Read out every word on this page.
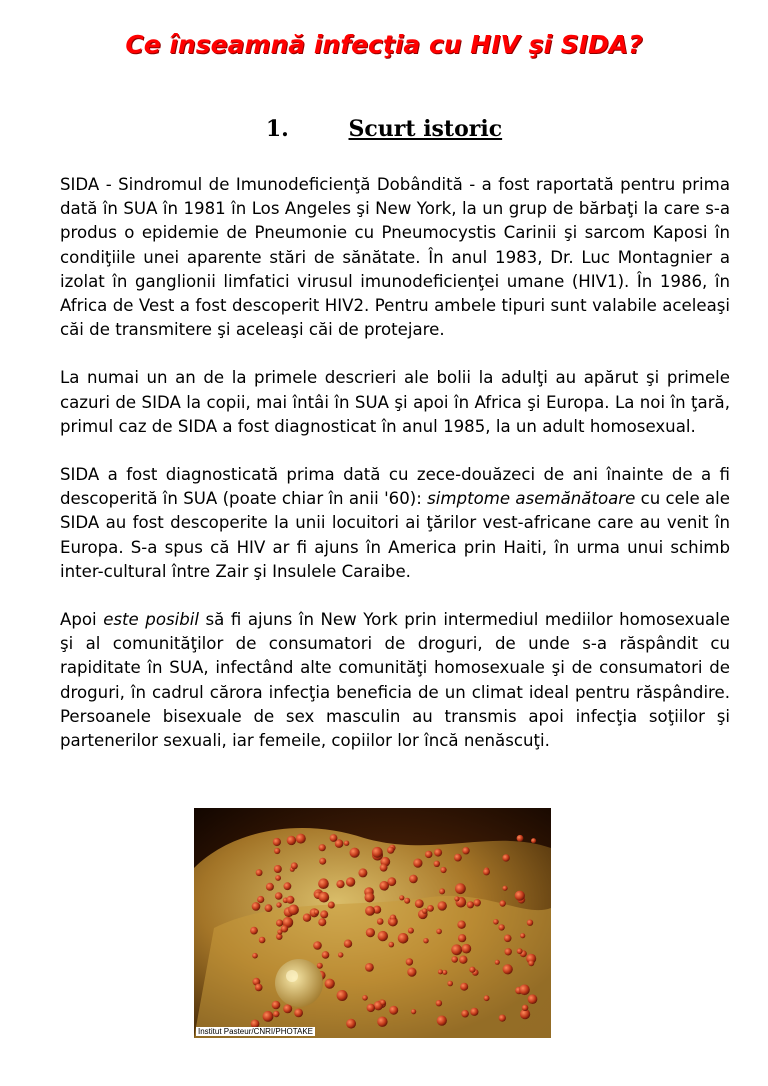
Ce înseamnă infecţia cu HIV şi SIDA?
1.	Scurt istoric

SIDA - Sindromul de Imunodeficienţă Dobândită - a fost raportată pentru prima dată în SUA în 1981 în Los Angeles şi New York, la un grup de bărbaţi la care s-a produs o epidemie de Pneumonie cu Pneumocystis Carinii şi sarcom Kaposi în condiţiile unei aparente stări de sănătate. În anul 1983, Dr. Luc Montagnier a izolat în ganglionii limfatici virusul imunodeficienţei umane (HIV1). În 1986, în Africa de Vest a fost descoperit HIV2. Pentru ambele tipuri sunt valabile aceleaşi căi de transmitere şi aceleaşi căi de protejare.

La numai un an de la primele descrieri ale bolii la adulţi au apărut şi primele cazuri de SIDA la copii, mai întâi în SUA şi apoi în Africa şi Europa. La noi în ţară, primul caz de SIDA a fost diagnosticat în anul 1985, la un adult homosexual.

SIDA a fost diagnosticată prima dată cu zece-douăzeci de ani înainte de a fi descoperită în SUA (poate chiar în anii '60): simptome asemănătoare cu cele ale SIDA au fost descoperite la unii locuitori ai ţărilor vest-africane care au venit în Europa. S-a spus că HIV ar fi ajuns în America prin Haiti, în urma unui schimb inter-cultural între Zair şi Insulele Caraibe.

Apoi este posibil să fi ajuns în New York prin intermediul mediilor homosexuale şi al comunităţilor de consumatori de droguri, de unde s-a răspândit cu rapiditate în SUA, infectând alte comunităţi homosexuale şi de consumatori de droguri, în cadrul cărora infecţia beneficia de un climat ideal pentru răspândire. Persoanele bisexuale de sex masculin au transmis apoi infecţia soţiilor şi partenerilor sexuali, iar femeile, copiilor lor încă nenăscuţi.

Institut Pasteur/CNRI/PHOTAKE
